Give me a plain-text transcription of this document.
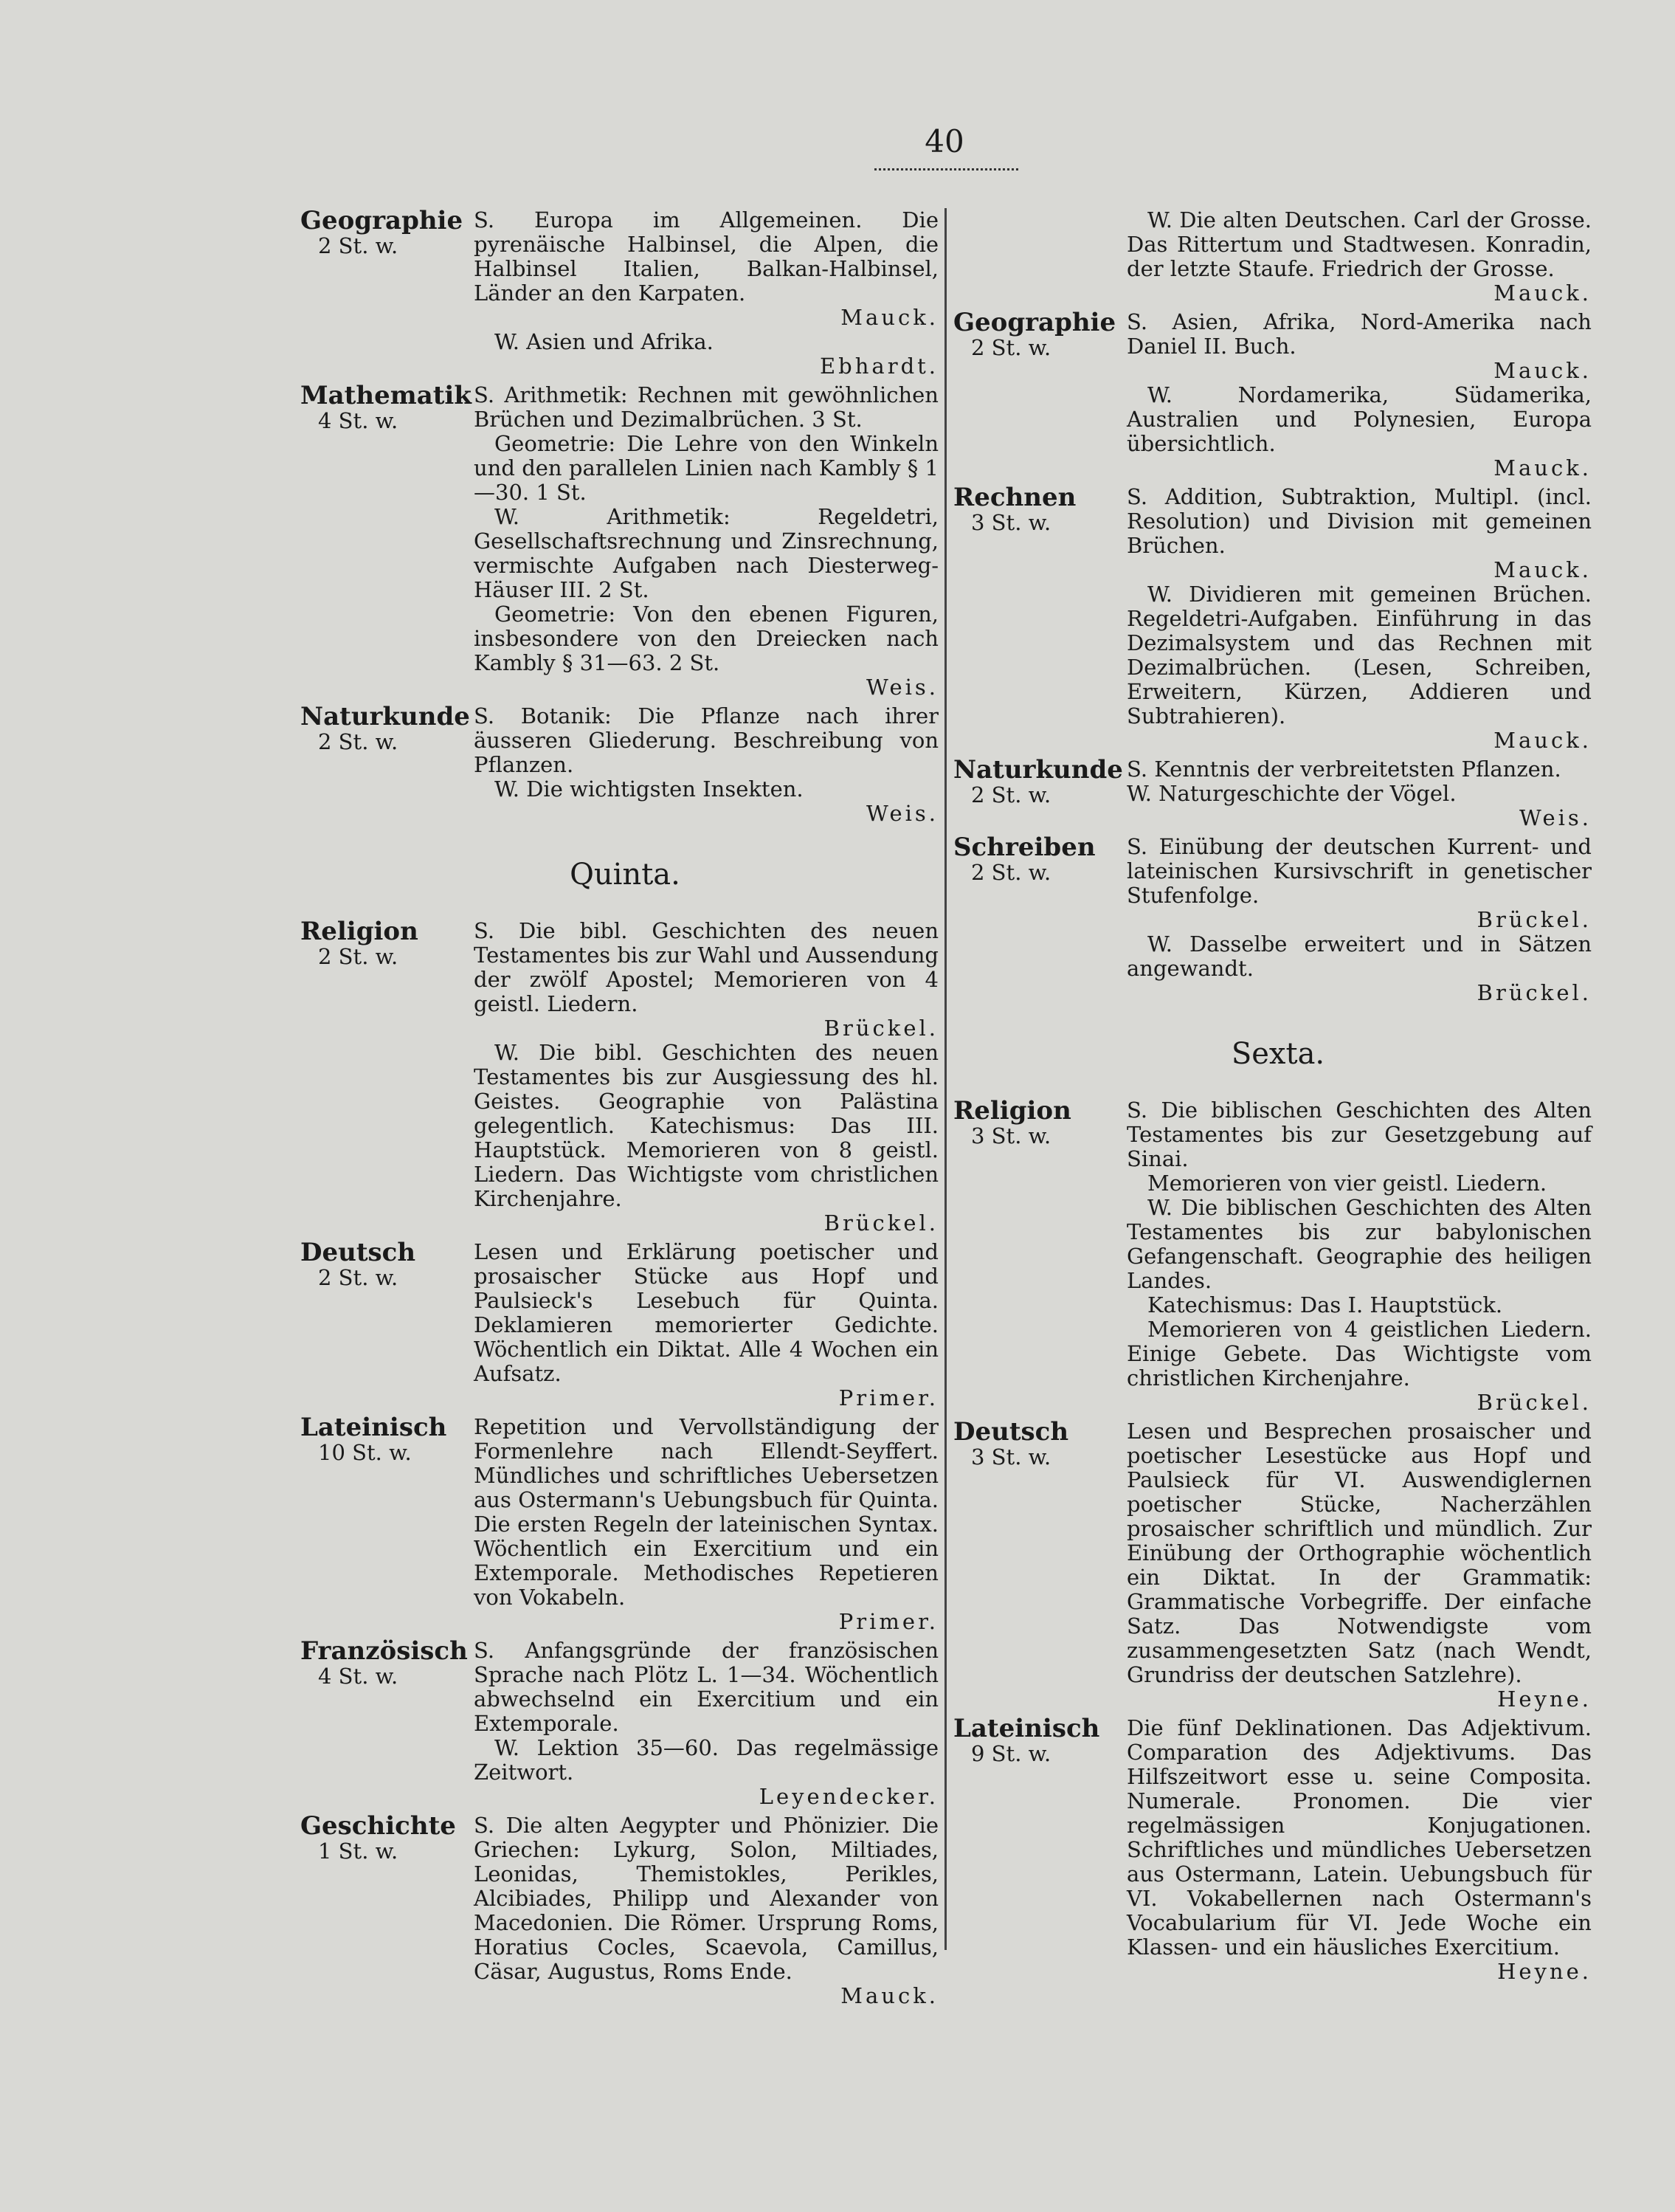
40
Geographie
2 St. w.

S. Europa im Allgemeinen. Die pyrenäische Halbinsel, die Alpen, die Halbinsel Italien, Balkan-Halbinsel, Länder an den Karpaten.
Mauck.

W. Asien und Afrika.
Ebhardt.

Mathematik
4 St. w.

S. Arithmetik: Rechnen mit gewöhnlichen Brüchen und Dezimalbrüchen. 3 St.

Geometrie: Die Lehre von den Winkeln und den parallelen Linien nach Kambly § 1—30. 1 St.

W. Arithmetik: Regeldetri, Gesellschaftsrechnung und Zinsrechnung, vermischte Aufgaben nach Diesterweg-Häuser III. 2 St.

Geometrie: Von den ebenen Figuren, insbesondere von den Dreiecken nach Kambly § 31—63. 2 St.
Weis.

Naturkunde
2 St. w.

S. Botanik: Die Pflanze nach ihrer äusseren Gliederung. Beschreibung von Pflanzen.

W. Die wichtigsten Insekten.
Weis.

Quinta.
Religion
2 St. w.

S. Die bibl. Geschichten des neuen Testamentes bis zur Wahl und Aussendung der zwölf Apostel; Memorieren von 4 geistl. Liedern.
Brückel.

W. Die bibl. Geschichten des neuen Testamentes bis zur Ausgiessung des hl. Geistes. Geographie von Palästina gelegentlich. Katechismus: Das III. Hauptstück. Memorieren von 8 geistl. Liedern. Das Wichtigste vom christlichen Kirchenjahre.
Brückel.

Deutsch
2 St. w.

Lesen und Erklärung poetischer und prosaischer Stücke aus Hopf und Paulsieck's Lesebuch für Quinta. Deklamieren memorierter Gedichte. Wöchentlich ein Diktat. Alle 4 Wochen ein Aufsatz.
Primer.

Lateinisch
10 St. w.

Repetition und Vervollständigung der Formenlehre nach Ellendt-Seyffert. Mündliches und schriftliches Uebersetzen aus Ostermann's Uebungsbuch für Quinta. Die ersten Regeln der lateinischen Syntax. Wöchentlich ein Exercitium und ein Extemporale. Methodisches Repetieren von Vokabeln.
Primer.

Französisch
4 St. w.

S. Anfangsgründe der französischen Sprache nach Plötz L. 1—34. Wöchentlich abwechselnd ein Exercitium und ein Extemporale.

W. Lektion 35—60. Das regelmässige Zeitwort.
Leyendecker.

Geschichte
1 St. w.

S. Die alten Aegypter und Phönizier. Die Griechen: Lykurg, Solon, Miltiades, Leonidas, Themistokles, Perikles, Alcibiades, Philipp und Alexander von Macedonien. Die Römer. Ursprung Roms, Horatius Cocles, Scaevola, Camillus, Cäsar, Augustus, Roms Ende.
Mauck.

W. Die alten Deutschen. Carl der Grosse. Das Rittertum und Stadtwesen. Konradin, der letzte Staufe. Friedrich der Grosse.
Mauck.

Geographie
2 St. w.

S. Asien, Afrika, Nord-Amerika nach Daniel II. Buch.
Mauck.

W. Nordamerika, Südamerika, Australien und Polynesien, Europa übersichtlich.
Mauck.

Rechnen
3 St. w.

S. Addition, Subtraktion, Multipl. (incl. Resolution) und Division mit gemeinen Brüchen.
Mauck.

W. Dividieren mit gemeinen Brüchen. Regeldetri-Aufgaben. Einführung in das Dezimalsystem und das Rechnen mit Dezimalbrüchen. (Lesen, Schreiben, Erweitern, Kürzen, Addieren und Subtrahieren).
Mauck.

Naturkunde
2 St. w.

S. Kenntnis der verbreitetsten Pflanzen.

W. Naturgeschichte der Vögel.
Weis.

Schreiben
2 St. w.

S. Einübung der deutschen Kurrent- und lateinischen Kursivschrift in genetischer Stufenfolge.
Brückel.

W. Dasselbe erweitert und in Sätzen angewandt.
Brückel.

Sexta.
Religion
3 St. w.

S. Die biblischen Geschichten des Alten Testamentes bis zur Gesetzgebung auf Sinai.

Memorieren von vier geistl. Liedern.

W. Die biblischen Geschichten des Alten Testamentes bis zur babylonischen Gefangenschaft. Geographie des heiligen Landes.

Katechismus: Das I. Hauptstück.

Memorieren von 4 geistlichen Liedern. Einige Gebete. Das Wichtigste vom christlichen Kirchenjahre.
Brückel.

Deutsch
3 St. w.

Lesen und Besprechen prosaischer und poetischer Lesestücke aus Hopf und Paulsieck für VI. Auswendiglernen poetischer Stücke, Nacherzählen prosaischer schriftlich und mündlich. Zur Einübung der Orthographie wöchentlich ein Diktat. In der Grammatik: Grammatische Vorbegriffe. Der einfache Satz. Das Notwendigste vom zusammengesetzten Satz (nach Wendt, Grundriss der deutschen Satzlehre).
Heyne.

Lateinisch
9 St. w.

Die fünf Deklinationen. Das Adjektivum. Comparation des Adjektivums. Das Hilfszeitwort esse u. seine Composita. Numerale. Pronomen. Die vier regelmässigen Konjugationen. Schriftliches und mündliches Uebersetzen aus Ostermann, Latein. Uebungsbuch für VI. Vokabellernen nach Ostermann's Vocabularium für VI. Jede Woche ein Klassen- und ein häusliches Exercitium.
Heyne.
